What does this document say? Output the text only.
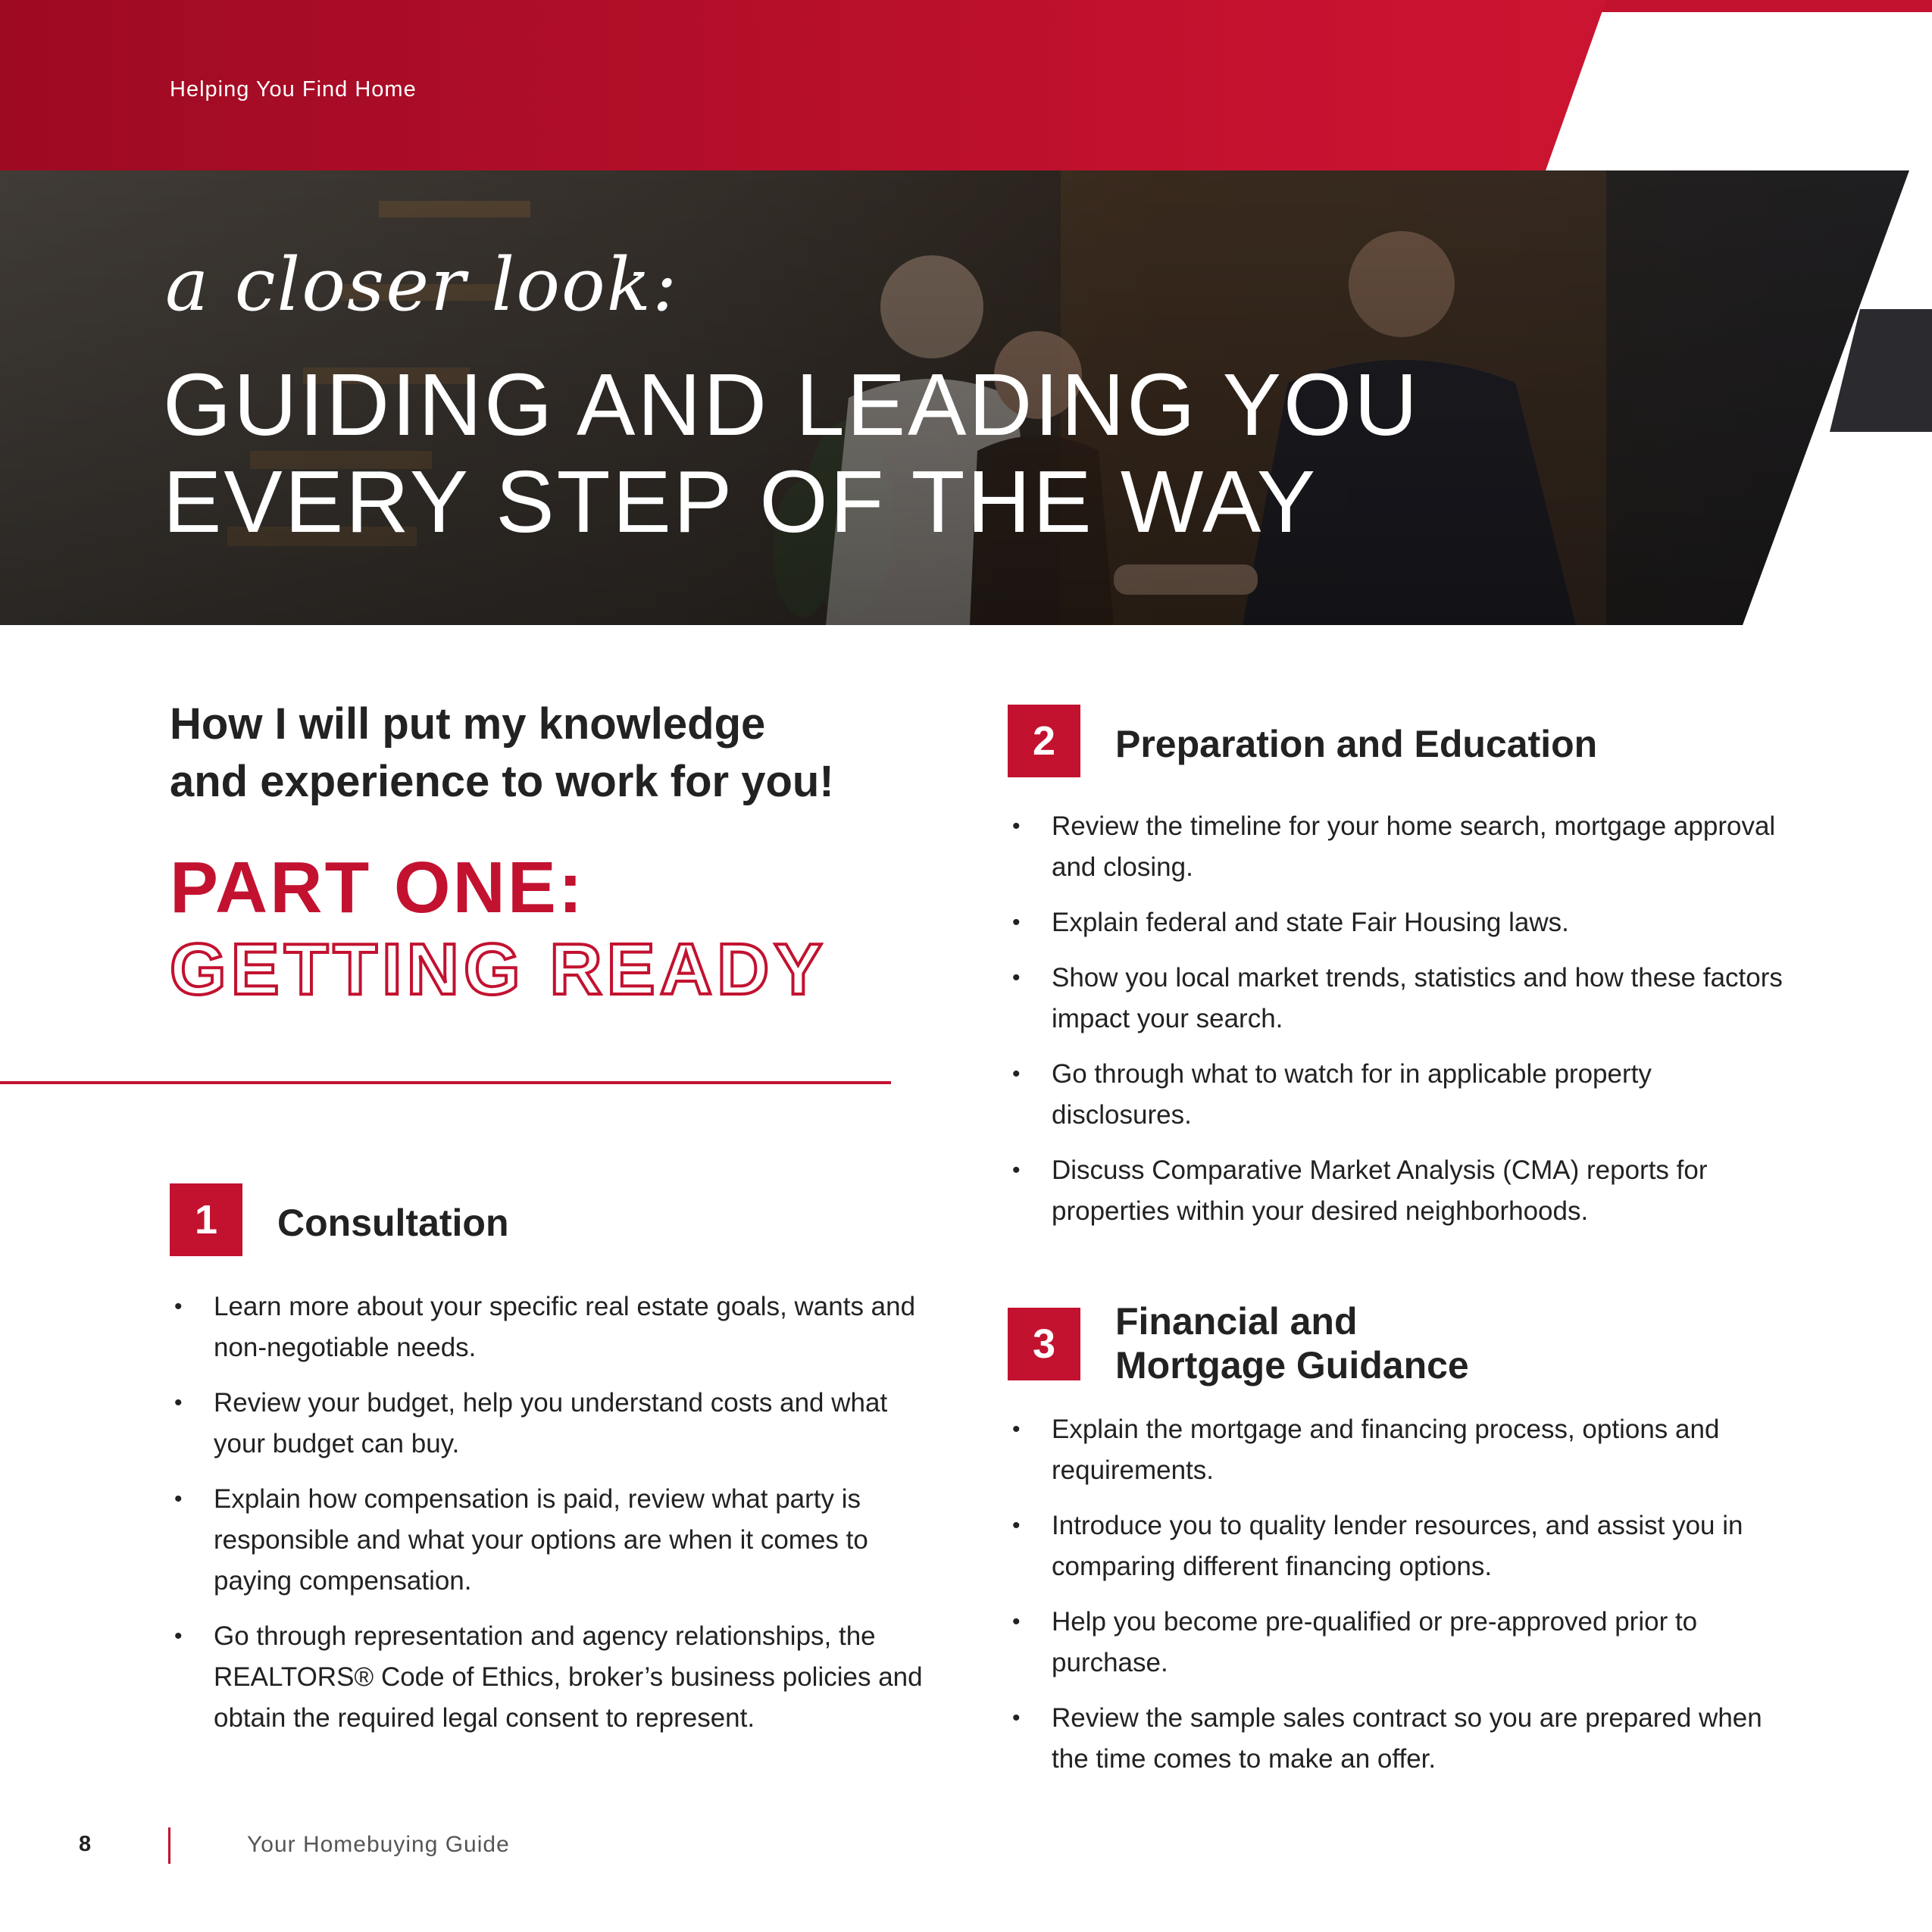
Helping You Find Home
a closer look:
GUIDING AND LEADING YOU
EVERY STEP OF THE WAY
How I will put my knowledge
and experience to work for you!
PART ONE:
GETTING READY
1	Consultation
• Learn more about your specific real estate goals, wants and non-negotiable needs.
• Review your budget, help you understand costs and what your budget can buy.
• Explain how compensation is paid, review what party is responsible and what your options are when it comes to paying compensation.
• Go through representation and agency relationships, the REALTORS® Code of Ethics, broker’s business policies and obtain the required legal consent to represent.
2	Preparation and Education
• Review the timeline for your home search, mortgage approval and closing.
• Explain federal and state Fair Housing laws.
• Show you local market trends, statistics and how these factors impact your search.
• Go through what to watch for in applicable property disclosures.
• Discuss Comparative Market Analysis (CMA) reports for properties within your desired neighborhoods.
3	Financial and
Mortgage Guidance
• Explain the mortgage and financing process, options and requirements.
• Introduce you to quality lender resources, and assist you in comparing different financing options.
• Help you become pre-qualified or pre-approved prior to purchase.
• Review the sample sales contract so you are prepared when the time comes to make an offer.
8	Your Homebuying Guide
